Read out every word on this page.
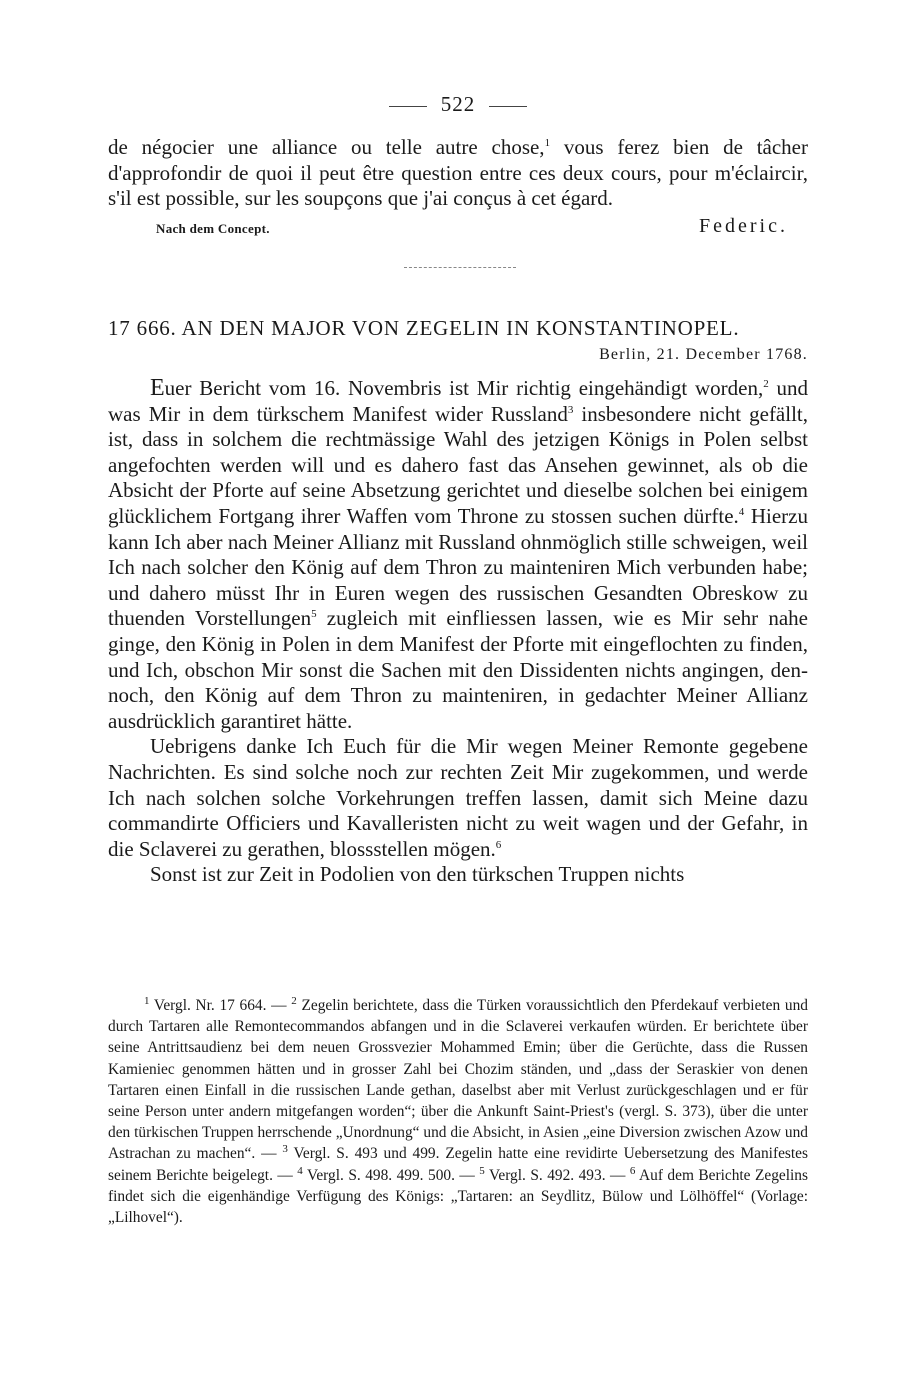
522

de négocier une alliance ou telle autre chose,$^1$ vous ferez bien de tâcher d'approfondir de quoi il peut être question entre ces deux cours, pour m'éclaircir, s'il est possible, sur les soupçons que j'ai conçus à cet égard.

Nach dem Concept.	Federic.
17 666. AN DEN MAJOR VON ZEGELIN IN KONSTANTINOPEL.
Berlin, 21. December 1768.

Euer Bericht vom 16. Novembris ist Mir richtig eingehändigt worden,$^2$ und was Mir in dem türkschem Manifest wider Russland$^3$ insbesondere nicht gefällt, ist, dass in solchem die rechtmässige Wahl des jetzigen Königs in Polen selbst angefochten werden will und es dahero fast das Ansehen gewinnet, als ob die Absicht der Pforte auf seine Absetzung gerichtet und dieselbe solchen bei einigem glücklichem Fortgang ihrer Waffen vom Throne zu stossen suchen dürfte.$^4$ Hierzu kann Ich aber nach Meiner Allianz mit Russland ohnmöglich stille schweigen, weil Ich nach solcher den König auf dem Thron zu mainteniren Mich verbunden habe; und dahero müsst Ihr in Euren wegen des russischen Gesandten Obreskow zu thuenden Vorstellungen$^5$ zugleich mit einfliessen lassen, wie es Mir sehr nahe ginge, den König in Polen in dem Manifest der Pforte mit eingeflochten zu finden, und Ich, obschon Mir sonst die Sachen mit den Dissidenten nichts angingen, dennoch, den König auf dem Thron zu mainteniren, in gedachter Meiner Allianz ausdrücklich garantiret hätte.

Uebrigens danke Ich Euch für die Mir wegen Meiner Remonte gegebene Nachrichten. Es sind solche noch zur rechten Zeit Mir zugekommen, und werde Ich nach solchen solche Vorkehrungen treffen lassen, damit sich Meine dazu commandirte Officiers und Kavalleristen nicht zu weit wagen und der Gefahr, in die Sclaverei zu gerathen, blossstellen mögen.$^6$

Sonst ist zur Zeit in Podolien von den türkschen Truppen nichts

$^1$ Vergl. Nr. 17 664. — $^2$ Zegelin berichtete, dass die Türken voraussichtlich den Pferdekauf verbieten und durch Tartaren alle Remontecommandos abfangen und in die Sclaverei verkaufen würden. Er berichtete über seine Antrittsaudienz bei dem neuen Grossvezier Mohammed Emin; über die Gerüchte, dass die Russen Kamieniec genommen hätten und in grosser Zahl bei Chozim ständen, und „dass der Seraskier von denen Tartaren einen Einfall in die russischen Lande gethan, daselbst aber mit Verlust zurückgeschlagen und er für seine Person unter andern mitgefangen worden“; über die Ankunft Saint-Priest's (vergl. S. 373), über die unter den türkischen Truppen herrschende „Unordnung“ und die Absicht, in Asien „eine Diversion zwischen Azow und Astrachan zu machen“. — $^3$ Vergl. S. 493 und 499. Zegelin hatte eine revidirte Uebersetzung des Manifestes seinem Berichte beigelegt. — $^4$ Vergl. S. 498. 499. 500. — $^5$ Vergl. S. 492. 493. — $^6$ Auf dem Berichte Zegelins findet sich die eigenhändige Verfügung des Königs: „Tartaren: an Seydlitz, Bülow und Lölhöffel“ (Vorlage: „Lilhovel“).
